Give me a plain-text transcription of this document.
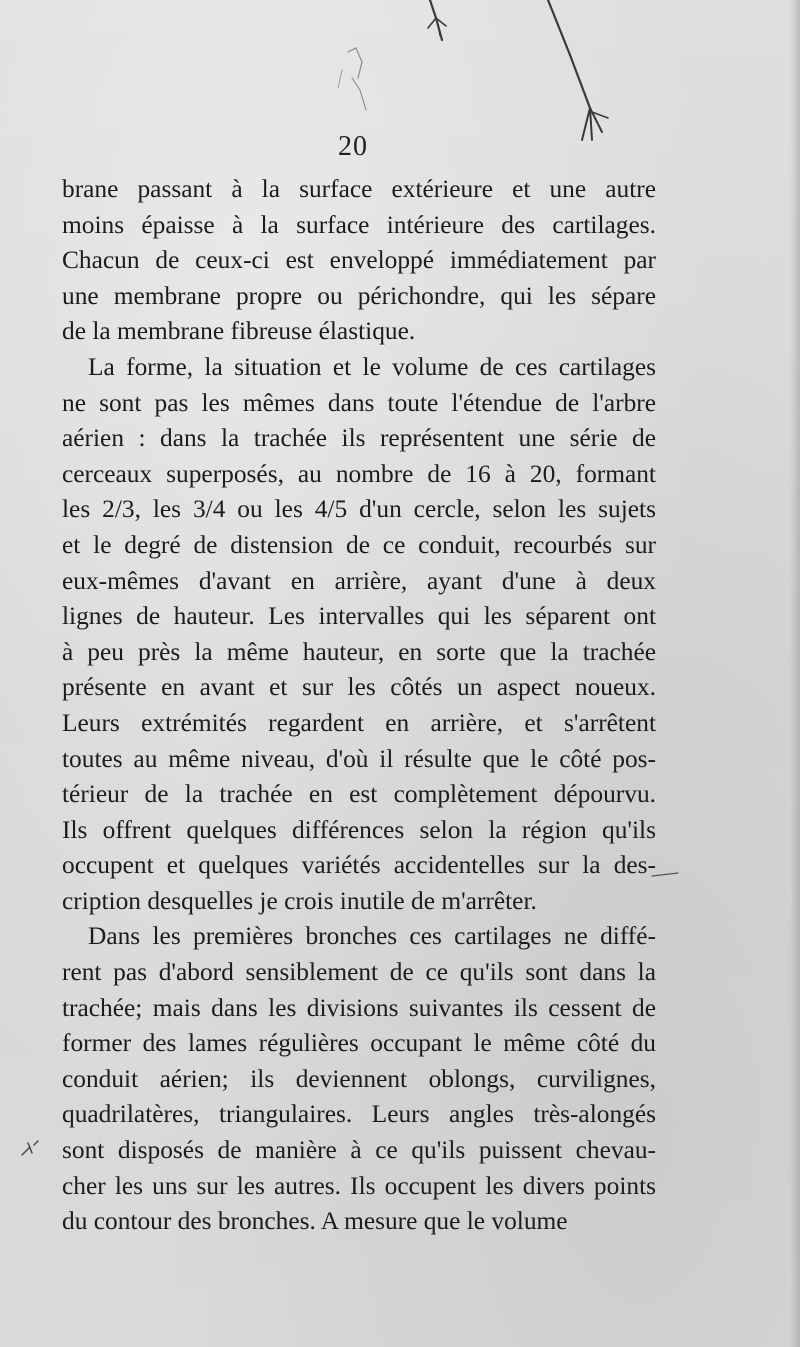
20
brane passant à la surface extérieure et une autre
moins épaisse à la surface intérieure des cartilages.
Chacun de ceux-ci est enveloppé immédiatement par
une membrane propre ou périchondre, qui les sépare
de la membrane fibreuse élastique.
La forme, la situation et le volume de ces cartilages
ne sont pas les mêmes dans toute l'étendue de l'arbre
aérien : dans la trachée ils représentent une série de
cerceaux superposés, au nombre de 16 à 20, formant
les 2/3, les 3/4 ou les 4/5 d'un cercle, selon les sujets
et le degré de distension de ce conduit, recourbés sur
eux-mêmes d'avant en arrière, ayant d'une à deux
lignes de hauteur. Les intervalles qui les séparent ont
à peu près la même hauteur, en sorte que la trachée
présente en avant et sur les côtés un aspect noueux.
Leurs extrémités regardent en arrière, et s'arrêtent
toutes au même niveau, d'où il résulte que le côté pos-
térieur de la trachée en est complètement dépourvu.
Ils offrent quelques différences selon la région qu'ils
occupent et quelques variétés accidentelles sur la des-
cription desquelles je crois inutile de m'arrêter.
Dans les premières bronches ces cartilages ne diffé-
rent pas d'abord sensiblement de ce qu'ils sont dans la
trachée; mais dans les divisions suivantes ils cessent de
former des lames régulières occupant le même côté du
conduit aérien; ils deviennent oblongs, curvilignes,
quadrilatères, triangulaires. Leurs angles très-alongés
sont disposés de manière à ce qu'ils puissent chevau-
cher les uns sur les autres. Ils occupent les divers points
du contour des bronches. A mesure que le volume
